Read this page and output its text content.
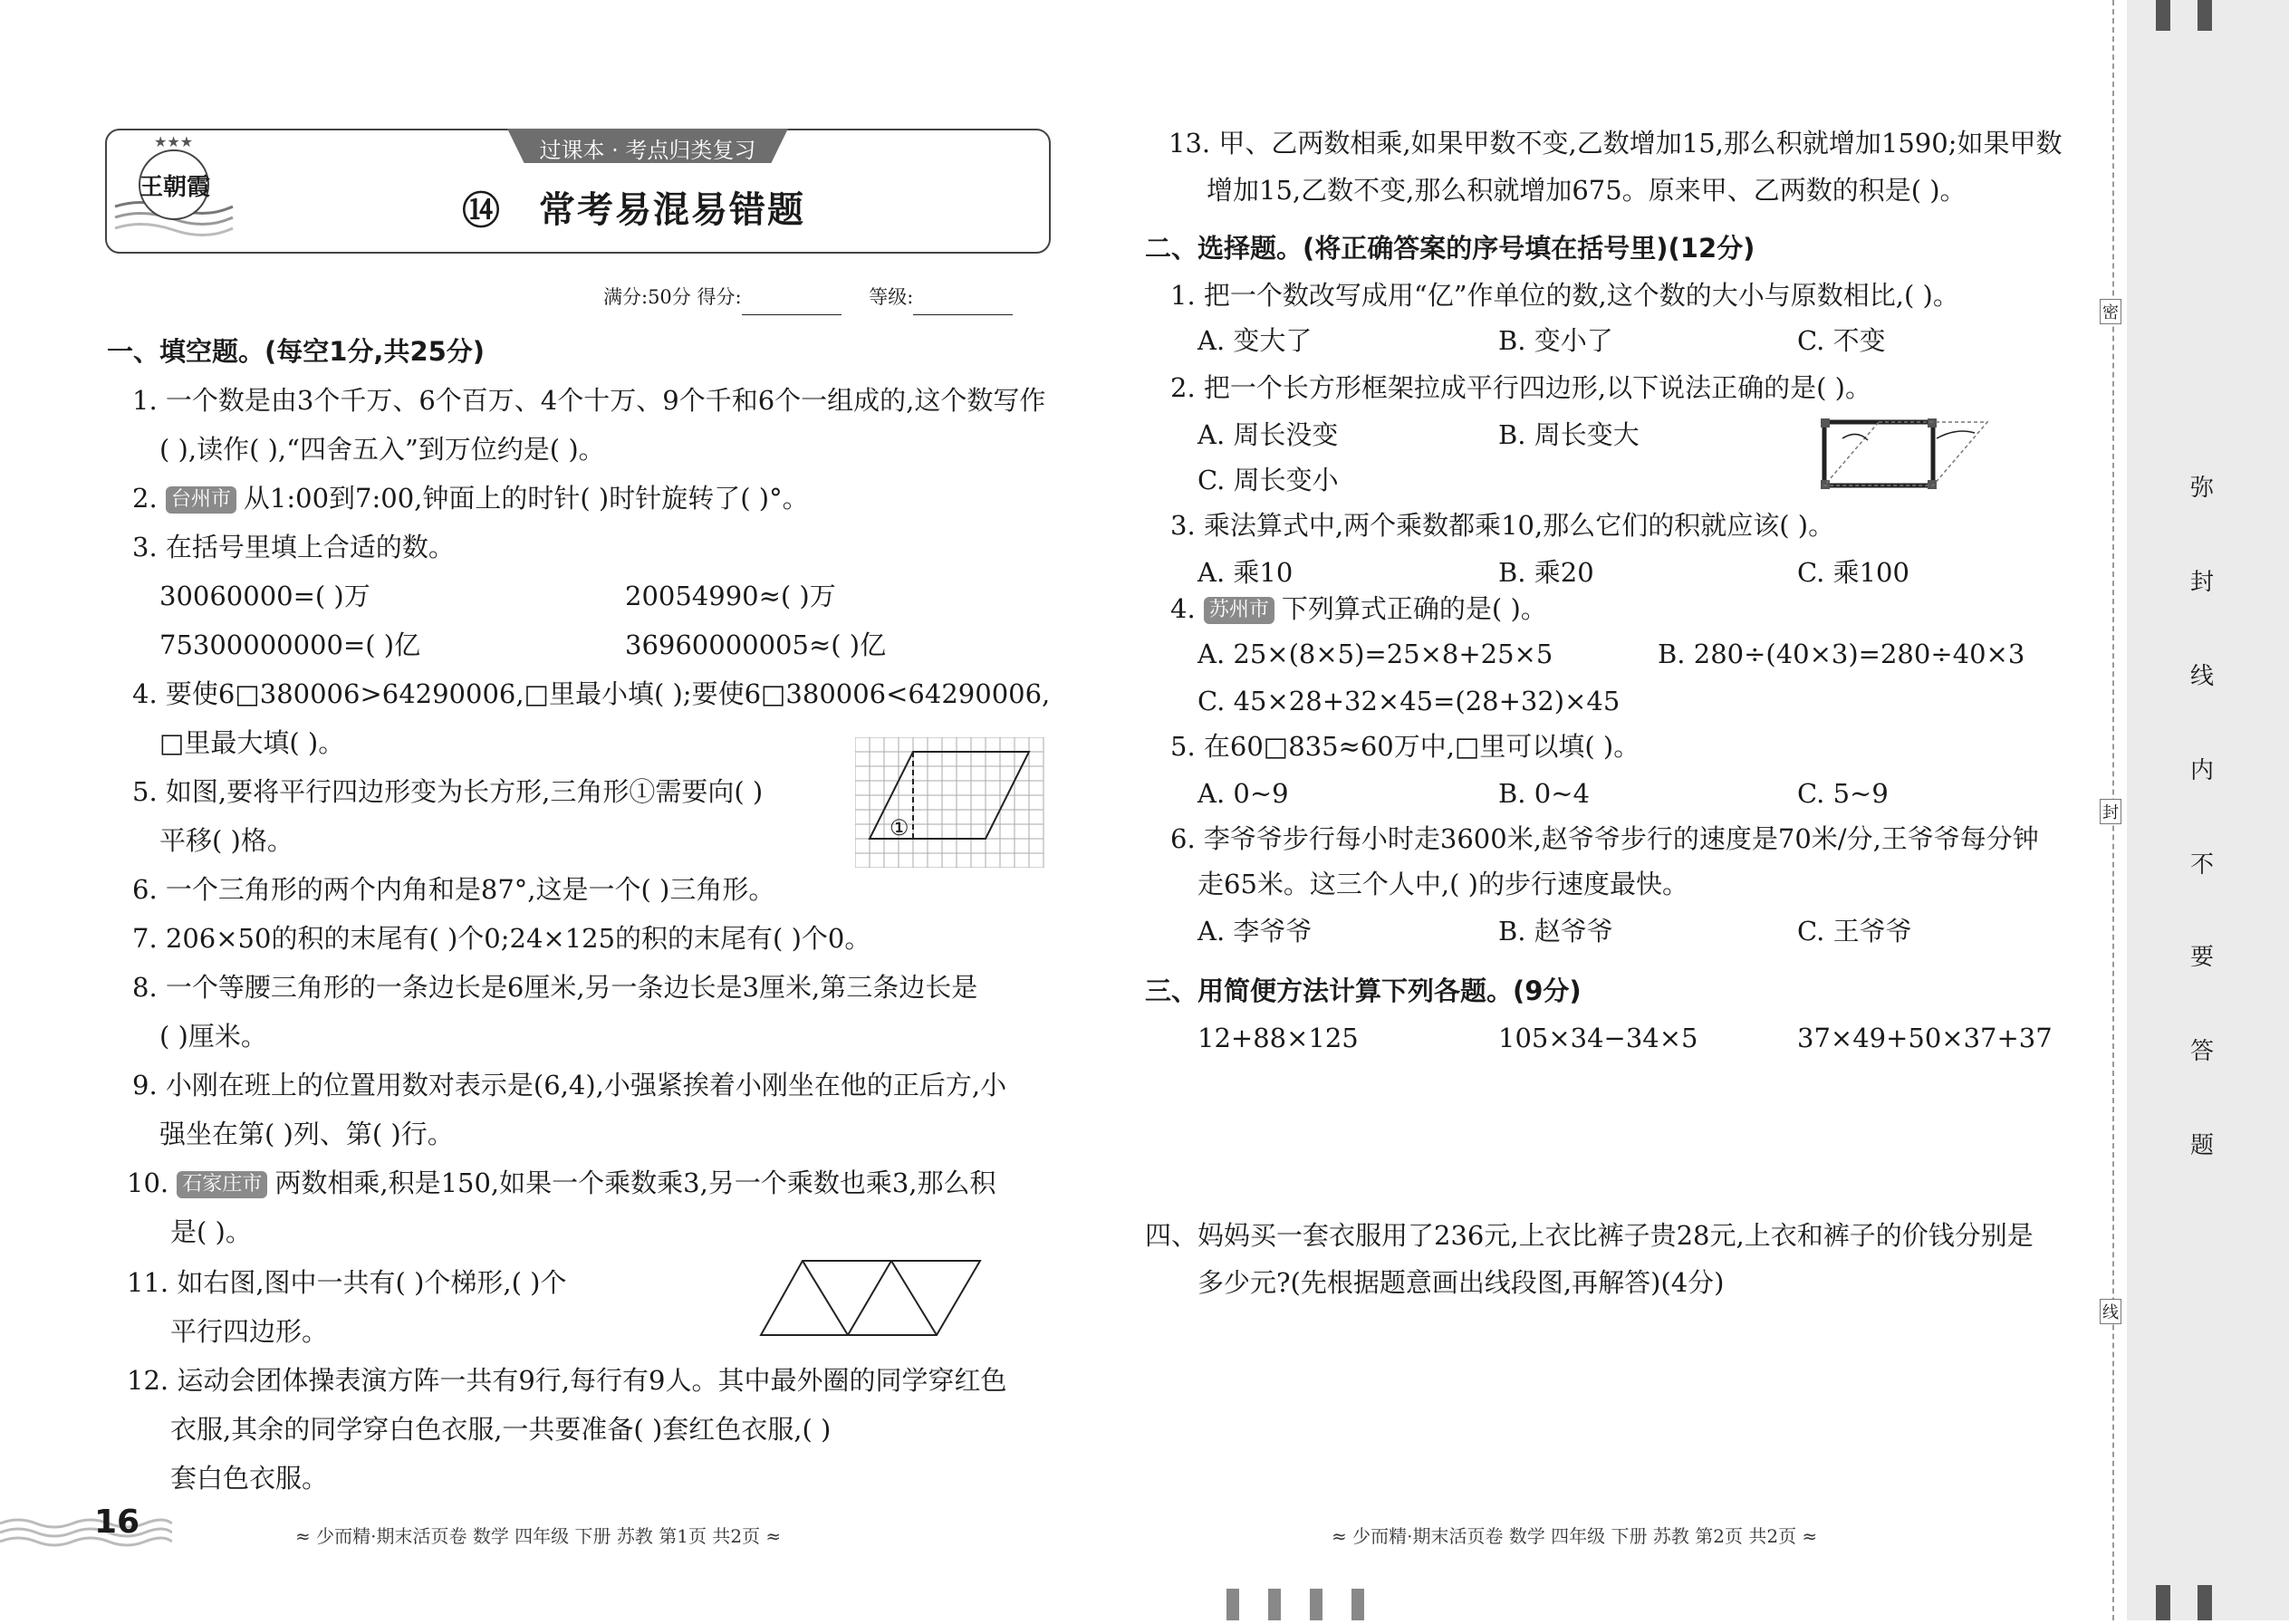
★★★
王朝霞
过课本 · 考点归类复习
⑭ 常考易混易错题
满分:50分 得分:	等级:
一、填空题。(每空1分,共25分)
1. 一个数是由3个千万、6个百万、4个十万、9个千和6个一组成的,这个数写作
( ),读作( ),“四舍五入”到万位约是( )。
2. 台州市 从1:00到7:00,钟面上的时针( )时针旋转了( )°。
3. 在括号里填上合适的数。
30060000=( )万	20054990≈( )万
75300000000=( )亿	36960000005≈( )亿
4. 要使6□380006>64290006,□里最小填( );要使6□380006<64290006,
□里最大填( )。
5. 如图,要将平行四边形变为长方形,三角形①需要向( )
平移( )格。	①
6. 一个三角形的两个内角和是87°,这是一个( )三角形。
7. 206×50的积的末尾有( )个0;24×125的积的末尾有( )个0。
8. 一个等腰三角形的一条边长是6厘米,另一条边长是3厘米,第三条边长是
( )厘米。
9. 小刚在班上的位置用数对表示是(6,4),小强紧挨着小刚坐在他的正后方,小
强坐在第( )列、第( )行。
10. 石家庄市 两数相乘,积是150,如果一个乘数乘3,另一个乘数也乘3,那么积
是( )。
11. 如右图,图中一共有( )个梯形,( )个
平行四边形。
12. 运动会团体操表演方阵一共有9行,每行有9人。其中最外圈的同学穿红色
衣服,其余的同学穿白色衣服,一共要准备( )套红色衣服,( )
套白色衣服。
16	≈ 少而精·期末活页卷 数学 四年级 下册 苏教 第1页 共2页 ≈
13. 甲、乙两数相乘,如果甲数不变,乙数增加15,那么积就增加1590;如果甲数
增加15,乙数不变,那么积就增加675。原来甲、乙两数的积是( )。
二、选择题。(将正确答案的序号填在括号里)(12分)
1. 把一个数改写成用“亿”作单位的数,这个数的大小与原数相比,( )。
A. 变大了	B. 变小了	C. 不变
2. 把一个长方形框架拉成平行四边形,以下说法正确的是( )。
A. 周长没变	B. 周长变大
C. 周长变小
3. 乘法算式中,两个乘数都乘10,那么它们的积就应该( )。
A. 乘10	B. 乘20	C. 乘100
4. 苏州市 下列算式正确的是( )。
A. 25×(8×5)=25×8+25×5	B. 280÷(40×3)=280÷40×3
C. 45×28+32×45=(28+32)×45
5. 在60□835≈60万中,□里可以填( )。
A. 0~9	B. 0~4	C. 5~9
6. 李爷爷步行每小时走3600米,赵爷爷步行的速度是70米/分,王爷爷每分钟
走65米。这三个人中,( )的步行速度最快。
A. 李爷爷	B. 赵爷爷	C. 王爷爷
三、用简便方法计算下列各题。(9分)
12+88×125	105×34−34×5	37×49+50×37+37
四、妈妈买一套衣服用了236元,上衣比裤子贵28元,上衣和裤子的价钱分别是
多少元?(先根据题意画出线段图,再解答)(4分)
≈ 少而精·期末活页卷 数学 四年级 下册 苏教 第2页 共2页 ≈
密
封
线
弥
封
线
内
不
要
答
题
